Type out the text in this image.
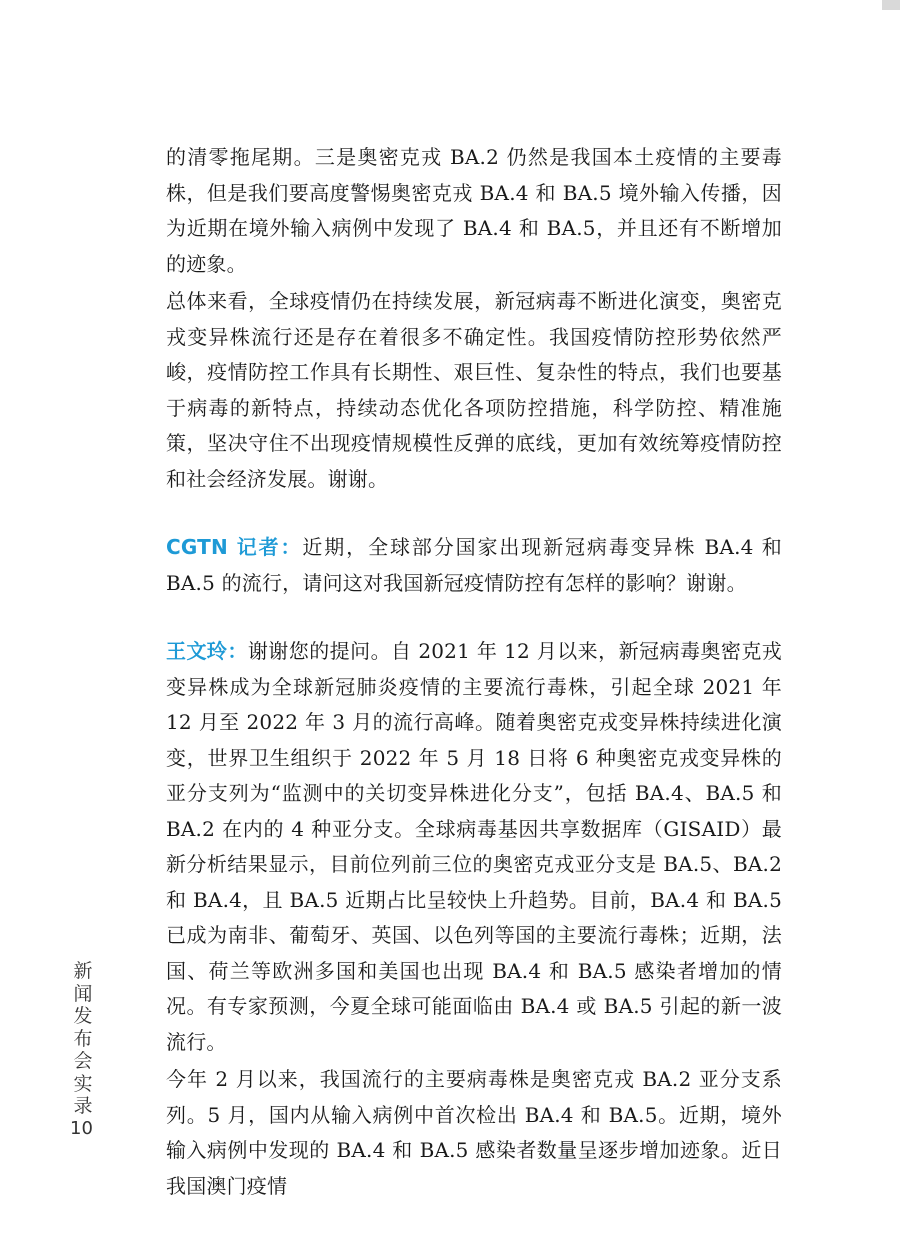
的清零拖尾期。三是奥密克戎 BA.2 仍然是我国本土疫情的主要毒株，但是我们要高度警惕奥密克戎 BA.4 和 BA.5 境外输入传播，因为近期在境外输入病例中发现了 BA.4 和 BA.5，并且还有不断增加的迹象。

总体来看，全球疫情仍在持续发展，新冠病毒不断进化演变，奥密克戎变异株流行还是存在着很多不确定性。我国疫情防控形势依然严峻，疫情防控工作具有长期性、艰巨性、复杂性的特点，我们也要基于病毒的新特点，持续动态优化各项防控措施，科学防控、精准施策，坚决守住不出现疫情规模性反弹的底线，更加有效统筹疫情防控和社会经济发展。谢谢。

CGTN 记者：近期，全球部分国家出现新冠病毒变异株 BA.4 和 BA.5 的流行，请问这对我国新冠疫情防控有怎样的影响？谢谢。

王文玲：谢谢您的提问。自 2021 年 12 月以来，新冠病毒奥密克戎变异株成为全球新冠肺炎疫情的主要流行毒株，引起全球 2021 年 12 月至 2022 年 3 月的流行高峰。随着奥密克戎变异株持续进化演变，世界卫生组织于 2022 年 5 月 18 日将 6 种奥密克戎变异株的亚分支列为“监测中的关切变异株进化分支”，包括 BA.4、BA.5 和 BA.2 在内的 4 种亚分支。全球病毒基因共享数据库（GISAID）最新分析结果显示，目前位列前三位的奥密克戎亚分支是 BA.5、BA.2 和 BA.4，且 BA.5 近期占比呈较快上升趋势。目前，BA.4 和 BA.5 已成为南非、葡萄牙、英国、以色列等国的主要流行毒株；近期，法国、荷兰等欧洲多国和美国也出现 BA.4 和 BA.5 感染者增加的情况。有专家预测，今夏全球可能面临由 BA.4 或 BA.5 引起的新一波流行。

今年 2 月以来，我国流行的主要病毒株是奥密克戎 BA.2 亚分支系列。5 月，国内从输入病例中首次检出 BA.4 和 BA.5。近期，境外输入病例中发现的 BA.4 和 BA.5 感染者数量呈逐步增加迹象。近日我国澳门疫情

新
闻
发
布
会
实
录
10
